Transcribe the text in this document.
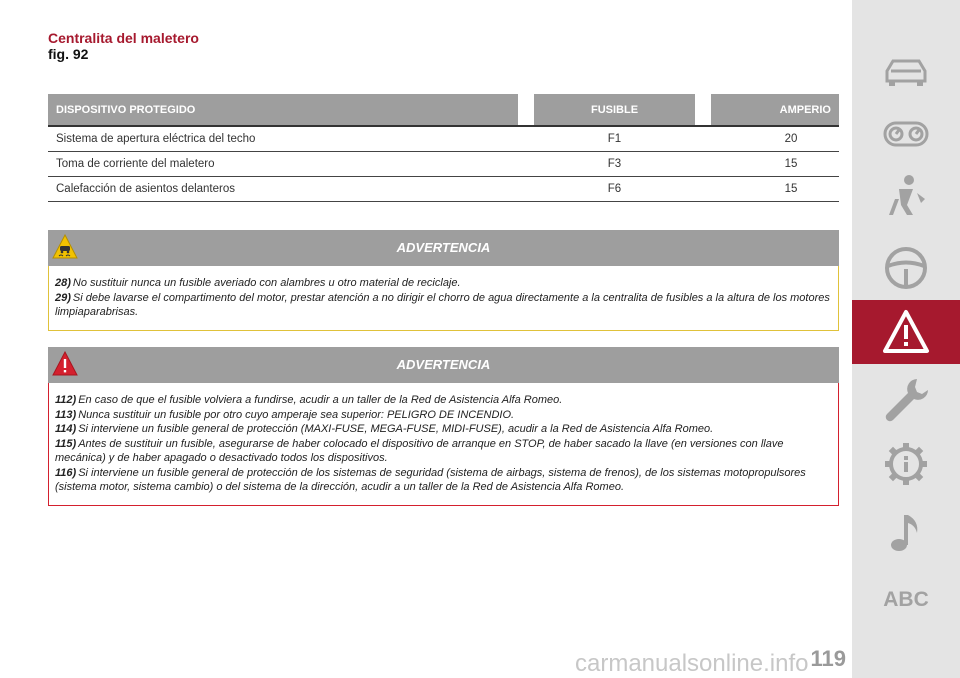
Centralita del maletero
fig. 92
DISPOSITIVO PROTEGIDO		FUSIBLE		AMPERIO
Sistema de apertura eléctrica del techo		F1		20
Toma de corriente del maletero		F3		15
Calefacción de asientos delanteros		F6		15
ADVERTENCIA

28) No sustituir nunca un fusible averiado con alambres u otro material de reciclaje.

29) Si debe lavarse el compartimento del motor, prestar atención a no dirigir el chorro de agua directamente a la centralita de fusibles a la altura de los motores limpiaparabrisas.

ADVERTENCIA

112) En caso de que el fusible volviera a fundirse, acudir a un taller de la Red de Asistencia Alfa Romeo.

113) Nunca sustituir un fusible por otro cuyo amperaje sea superior: PELIGRO DE INCENDIO.

114) Si interviene un fusible general de protección (MAXI-FUSE, MEGA-FUSE, MIDI-FUSE), acudir a la Red de Asistencia Alfa Romeo.

115) Antes de sustituir un fusible, asegurarse de haber colocado el dispositivo de arranque en STOP, de haber sacado la llave (en versiones con llave mecánica) y de haber apagado o desactivado todos los dispositivos.

116) Si interviene un fusible general de protección de los sistemas de seguridad (sistema de airbags, sistema de frenos), de los sistemas motopropulsores (sistema motor, sistema cambio) o del sistema de la dirección, acudir a un taller de la Red de Asistencia Alfa Romeo.

ABC
119
carmanualsonline.info
